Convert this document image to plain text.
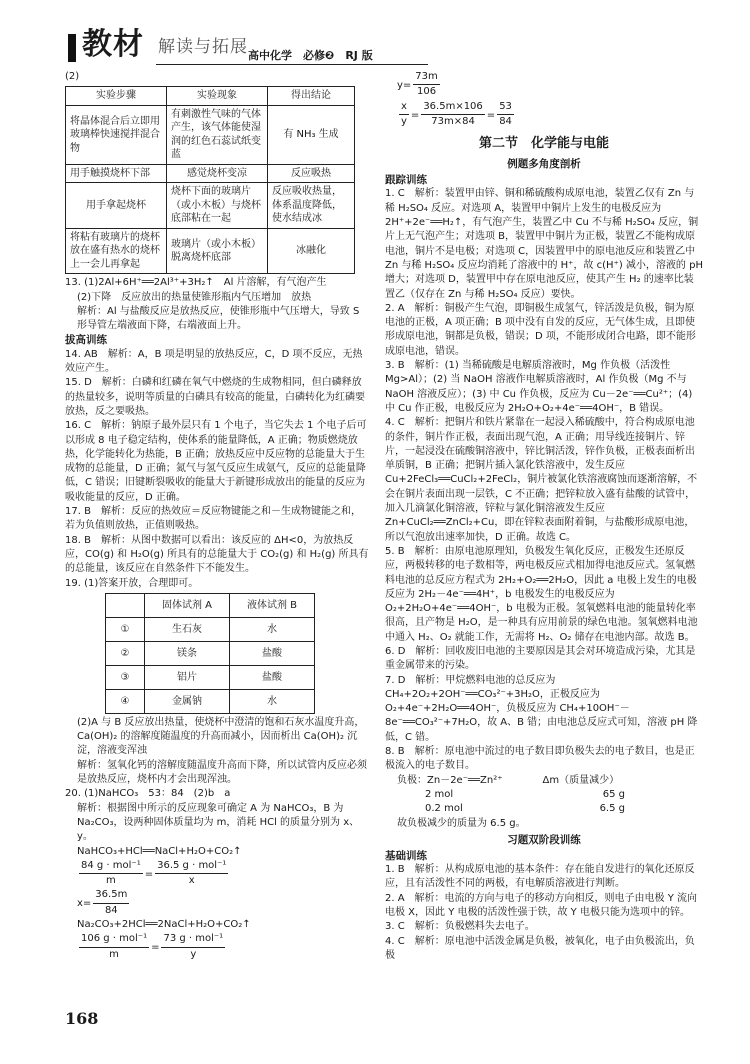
教材 解读与拓展 高中化学　必修❷　RJ 版

(2)

实验步骤	实验现象	得出结论
将晶体混合后立即用玻璃棒快速搅拌混合物	有刺激性气味的气体产生，该气体能使湿润的红色石蕊试纸变蓝	有 NH₃ 生成
用手触摸烧杯下部	感觉烧杯变凉	反应吸热
用手拿起烧杯	烧杯下面的玻璃片（或小木板）与烧杯底部粘在一起	反应吸收热量，体系温度降低，使水结成冰
将粘有玻璃片的烧杯放在盛有热水的烧杯上一会儿再拿起	玻璃片（或小木板）脱离烧杯底部	冰融化

13. (1)2Al+6H⁺══2Al³⁺+3H₂↑　Al 片溶解，有气泡产生

(2)下降　反应放出的热量使锥形瓶内气压增加　放热

解析：Al 与盐酸反应是放热反应，使锥形瓶中气压增大，导致 S 形导管左端液面下降，右端液面上升。

拔高训练

14. AB　解析：A，B 项是明显的放热反应，C，D 项不反应，无热效应产生。

15. D　解析：白磷和红磷在氧气中燃烧的生成物相同，但白磷释放的热量较多，说明等质量的白磷具有较高的能量，白磷转化为红磷要放热，反之要吸热。

16. C　解析：钠原子最外层只有 1 个电子，当它失去 1 个电子后可以形成 8 电子稳定结构，使体系的能量降低，A 正确；物质燃烧放热，化学能转化为热能，B 正确；放热反应中反应物的总能量大于生成物的总能量，D 正确；氮气与氢气反应生成氨气，反应的总能量降低，C 错误；旧键断裂吸收的能量大于新键形成放出的能量的反应为吸收能量的反应，D 正确。

17. B　解析：反应的热效应＝反应物键能之和－生成物键能之和，若为负值则放热，正值则吸热。

18. B　解析：从图中数据可以看出：该反应的 ΔH<0，为放热反应，CO(g) 和 H₂O(g) 所具有的总能量大于 CO₂(g) 和 H₂(g) 所具有的总能量，该反应在自然条件下不能发生。

19. (1)答案开放，合理即可。

	固体试剂 A	液体试剂 B
①	生石灰	水
②	镁条	盐酸
③	铝片	盐酸
④	金属钠	水

(2)A 与 B 反应放出热量，使烧杯中澄清的饱和石灰水温度升高，Ca(OH)₂ 的溶解度随温度的升高而减小，因而析出 Ca(OH)₂ 沉淀，溶液变浑浊

解析：氢氧化钙的溶解度随温度升高而下降，所以试管内反应必须是放热反应，烧杯内才会出现浑浊。

20. (1)NaHCO₃　53：84　(2)b　a

解析：根据图中所示的反应现象可确定 A 为 NaHCO₃，B 为 Na₂CO₃，设两种固体质量均为 m，消耗 HCl 的质量分别为 x、y。

NaHCO₃+HCl══NaCl+H₂O+CO₂↑

$\frac{\text{84 g · mol⁻¹}}{m} = \frac{\text{36.5 g · mol⁻¹}}{x}$

$x= \frac{36.5m}{84}$

Na₂CO₃+2HCl══2NaCl+H₂O+CO₂↑

$\frac{\text{106 g · mol⁻¹}}{m} = \frac{\text{73 g · mol⁻¹}}{y}$

$y= \frac{73m}{106}$

$\frac{x}{y} = \frac{36.5m\times 106}{73m\times 84} = \frac{53}{84}$

第二节　化学能与电能

例题多角度剖析

跟踪训练

1. C　解析：装置甲由锌、铜和稀硫酸构成原电池，装置乙仅有 Zn 与稀 H₂SO₄ 反应。对选项 A，装置甲中铜片上发生的电极反应为 2H⁺+2e⁻══H₂↑，有气泡产生，装置乙中 Cu 不与稀 H₂SO₄ 反应，铜片上无气泡产生；对选项 B，装置甲中铜片为正极，装置乙不能构成原电池，铜片不是电极；对选项 C，因装置甲中的原电池反应和装置乙中 Zn 与稀 H₂SO₄ 反应均消耗了溶液中的 H⁺，故 c(H⁺) 减小，溶液的 pH 增大；对选项 D，装置甲中存在原电池反应，使其产生 H₂ 的速率比装置乙（仅存在 Zn 与稀 H₂SO₄ 反应）要快。

2. A　解析：铜极产生气泡，即铜极生成氢气，锌活泼是负极，铜为原电池的正极，A 项正确；B 项中没有自发的反应，无气体生成，且即使形成原电池，铜都是负极，错误；D 项，不能形成闭合电路，即不能形成原电池，错误。

3. B　解析：(1) 当稀硫酸是电解质溶液时，Mg 作负极（活泼性 Mg>Al）；(2) 当 NaOH 溶液作电解质溶液时，Al 作负极（Mg 不与 NaOH 溶液反应）；(3) 中 Cu 作负极，反应为 Cu－2e⁻══Cu²⁺；(4) 中 Cu 作正极，电极反应为 2H₂O+O₂+4e⁻══4OH⁻，B 错误。

4. C　解析：把铜片和铁片紧靠在一起浸入稀硫酸中，符合构成原电池的条件，铜片作正极，表面出现气泡，A 正确；用导线连接铜片、锌片，一起浸没在硫酸铜溶液中，锌比铜活泼，锌作负极，正极表面析出单质铜，B 正确；把铜片插入氯化铁溶液中，发生反应 Cu+2FeCl₃══CuCl₂+2FeCl₂，铜片被氯化铁溶液腐蚀而逐渐溶解，不会在铜片表面出现一层铁，C 不正确；把锌粒放入盛有盐酸的试管中，加入几滴氯化铜溶液，锌粒与氯化铜溶液发生反应 Zn+CuCl₂══ZnCl₂+Cu，即在锌粒表面附着铜，与盐酸形成原电池，所以气泡放出速率加快，D 正确。故选 C。

5. B　解析：由原电池原理知，负极发生氧化反应，正极发生还原反应，两极转移的电子数相等，两电极反应式相加得电池反应式。氢氧燃料电池的总反应方程式为 2H₂+O₂══2H₂O，因此 a 电极上发生的电极反应为 2H₂－4e⁻══4H⁺，b 电极发生的电极反应为 O₂+2H₂O+4e⁻══4OH⁻，b 电极为正极。氢氧燃料电池的能量转化率很高，且产物是 H₂O，是一种具有应用前景的绿色电池。氢氧燃料电池中通入 H₂、O₂ 就能工作，无需将 H₂、O₂ 储存在电池内部。故选 B。

6. D　解析：回收废旧电池的主要原因是其会对环境造成污染，尤其是重金属带来的污染。

7. D　解析：甲烷燃料电池的总反应为 CH₄+2O₂+2OH⁻══CO₃²⁻+3H₂O，正极反应为 O₂+4e⁻+2H₂O══4OH⁻，负极反应为 CH₄+10OH⁻－8e⁻══CO₃²⁻+7H₂O，故 A、B 错；由电池总反应式可知，溶液 pH 降低，C 错。

8. B　解析：原电池中流过的电子数目即负极失去的电子数目，也是正极流入的电子数目。

负极：Zn－2e⁻══Zn²⁺　　　　Δm（质量减少）

2 mol	65 g
0.2 mol	6.5 g

故负极减少的质量为 6.5 g。

习题双阶段训练

基础训练

1. B　解析：从构成原电池的基本条件：存在能自发进行的氧化还原反应，且有活泼性不同的两极，有电解质溶液进行判断。

2. A　解析：电流的方向与电子的移动方向相反，则电子由电极 Y 流向电极 X，因此 Y 电极的活泼性强于铁，故 Y 电极只能为选项中的锌。

3. C　解析：负极燃料失去电子。

4. C　解析：原电池中活泼金属是负极，被氧化，电子由负极流出，负极

168
